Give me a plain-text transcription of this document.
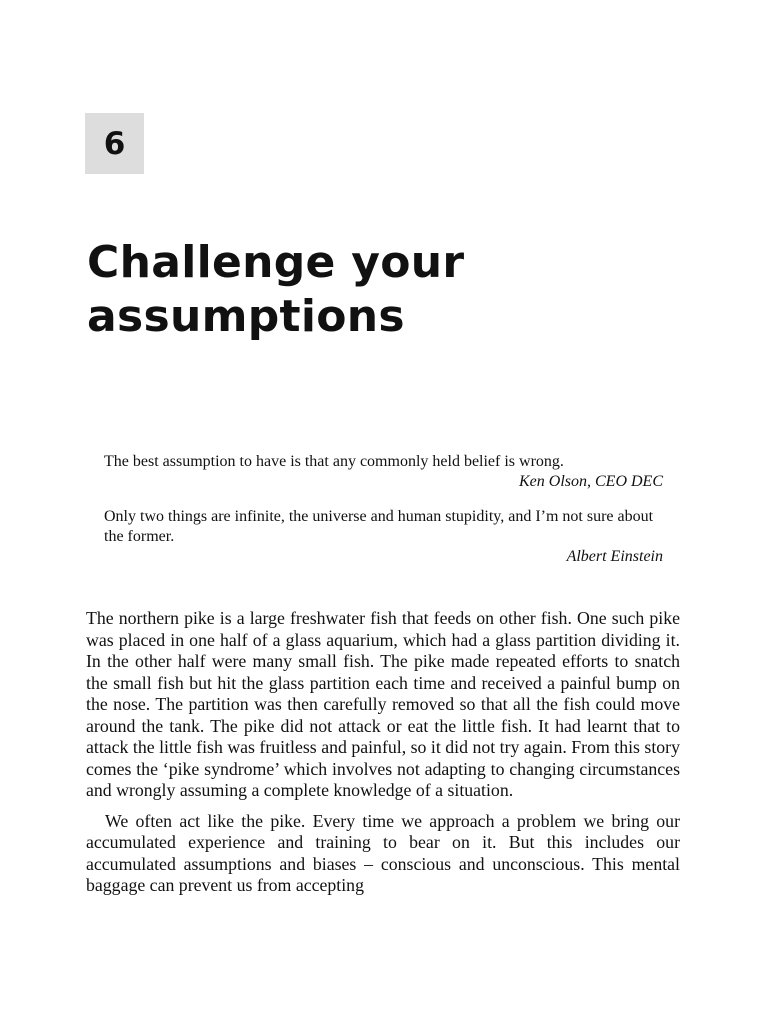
6
Challenge your
assumptions

The best assumption to have is that any commonly held belief is wrong.

Ken Olson, CEO DEC

Only two things are infinite, the universe and human stupidity, and I’m not sure about the former.

Albert Einstein

The northern pike is a large freshwater fish that feeds on other fish. One such pike was placed in one half of a glass aquarium, which had a glass partition dividing it. In the other half were many small fish. The pike made repeated efforts to snatch the small fish but hit the glass partition each time and received a painful bump on the nose. The partition was then carefully removed so that all the fish could move around the tank. The pike did not attack or eat the little fish. It had learnt that to attack the little fish was fruitless and painful, so it did not try again. From this story comes the ‘pike syndrome’ which involves not adapting to changing circumstances and wrongly assuming a complete knowledge of a situation.

We often act like the pike. Every time we approach a problem we bring our accumulated experience and training to bear on it. But this includes our accumulated assumptions and biases – conscious and unconscious. This mental baggage can prevent us from accepting
